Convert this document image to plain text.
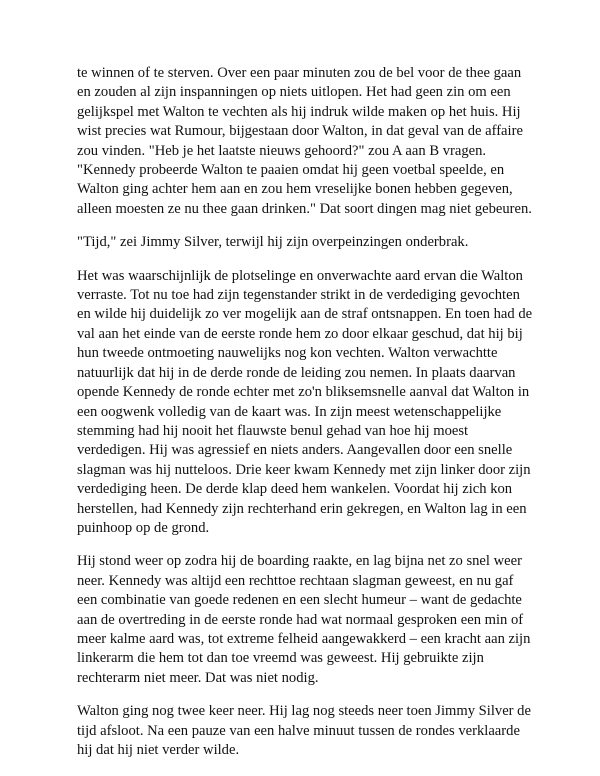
te winnen of te sterven. Over een paar minuten zou de bel voor de thee gaan en zouden al zijn inspanningen op niets uitlopen. Het had geen zin om een gelijkspel met Walton te vechten als hij indruk wilde maken op het huis. Hij wist precies wat Rumour, bijgestaan door Walton, in dat geval van de affaire zou vinden. "Heb je het laatste nieuws gehoord?" zou A aan B vragen. "Kennedy probeerde Walton te paaien omdat hij geen voetbal speelde, en Walton ging achter hem aan en zou hem vreselijke bonen hebben gegeven, alleen moesten ze nu thee gaan drinken." Dat soort dingen mag niet gebeuren.

"Tijd," zei Jimmy Silver, terwijl hij zijn overpeinzingen onderbrak.

Het was waarschijnlijk de plotselinge en onverwachte aard ervan die Walton verraste. Tot nu toe had zijn tegenstander strikt in de verdediging gevochten en wilde hij duidelijk zo ver mogelijk aan de straf ontsnappen. En toen had de val aan het einde van de eerste ronde hem zo door elkaar geschud, dat hij bij hun tweede ontmoeting nauwelijks nog kon vechten. Walton verwachtte natuurlijk dat hij in de derde ronde de leiding zou nemen. In plaats daarvan opende Kennedy de ronde echter met zo'n bliksemsnelle aanval dat Walton in een oogwenk volledig van de kaart was. In zijn meest wetenschappelijke stemming had hij nooit het flauwste benul gehad van hoe hij moest verdedigen. Hij was agressief en niets anders. Aangevallen door een snelle slagman was hij nutteloos. Drie keer kwam Kennedy met zijn linker door zijn verdediging heen. De derde klap deed hem wankelen. Voordat hij zich kon herstellen, had Kennedy zijn rechterhand erin gekregen, en Walton lag in een puinhoop op de grond.

Hij stond weer op zodra hij de boarding raakte, en lag bijna net zo snel weer neer. Kennedy was altijd een rechttoe rechtaan slagman geweest, en nu gaf een combinatie van goede redenen en een slecht humeur – want de gedachte aan de overtreding in de eerste ronde had wat normaal gesproken een min of meer kalme aard was, tot extreme felheid aangewakkerd – een kracht aan zijn linkerarm die hem tot dan toe vreemd was geweest. Hij gebruikte zijn rechterarm niet meer. Dat was niet nodig.

Walton ging nog twee keer neer. Hij lag nog steeds neer toen Jimmy Silver de tijd afsloot. Na een pauze van een halve minuut tussen de rondes verklaarde hij dat hij niet verder wilde.
